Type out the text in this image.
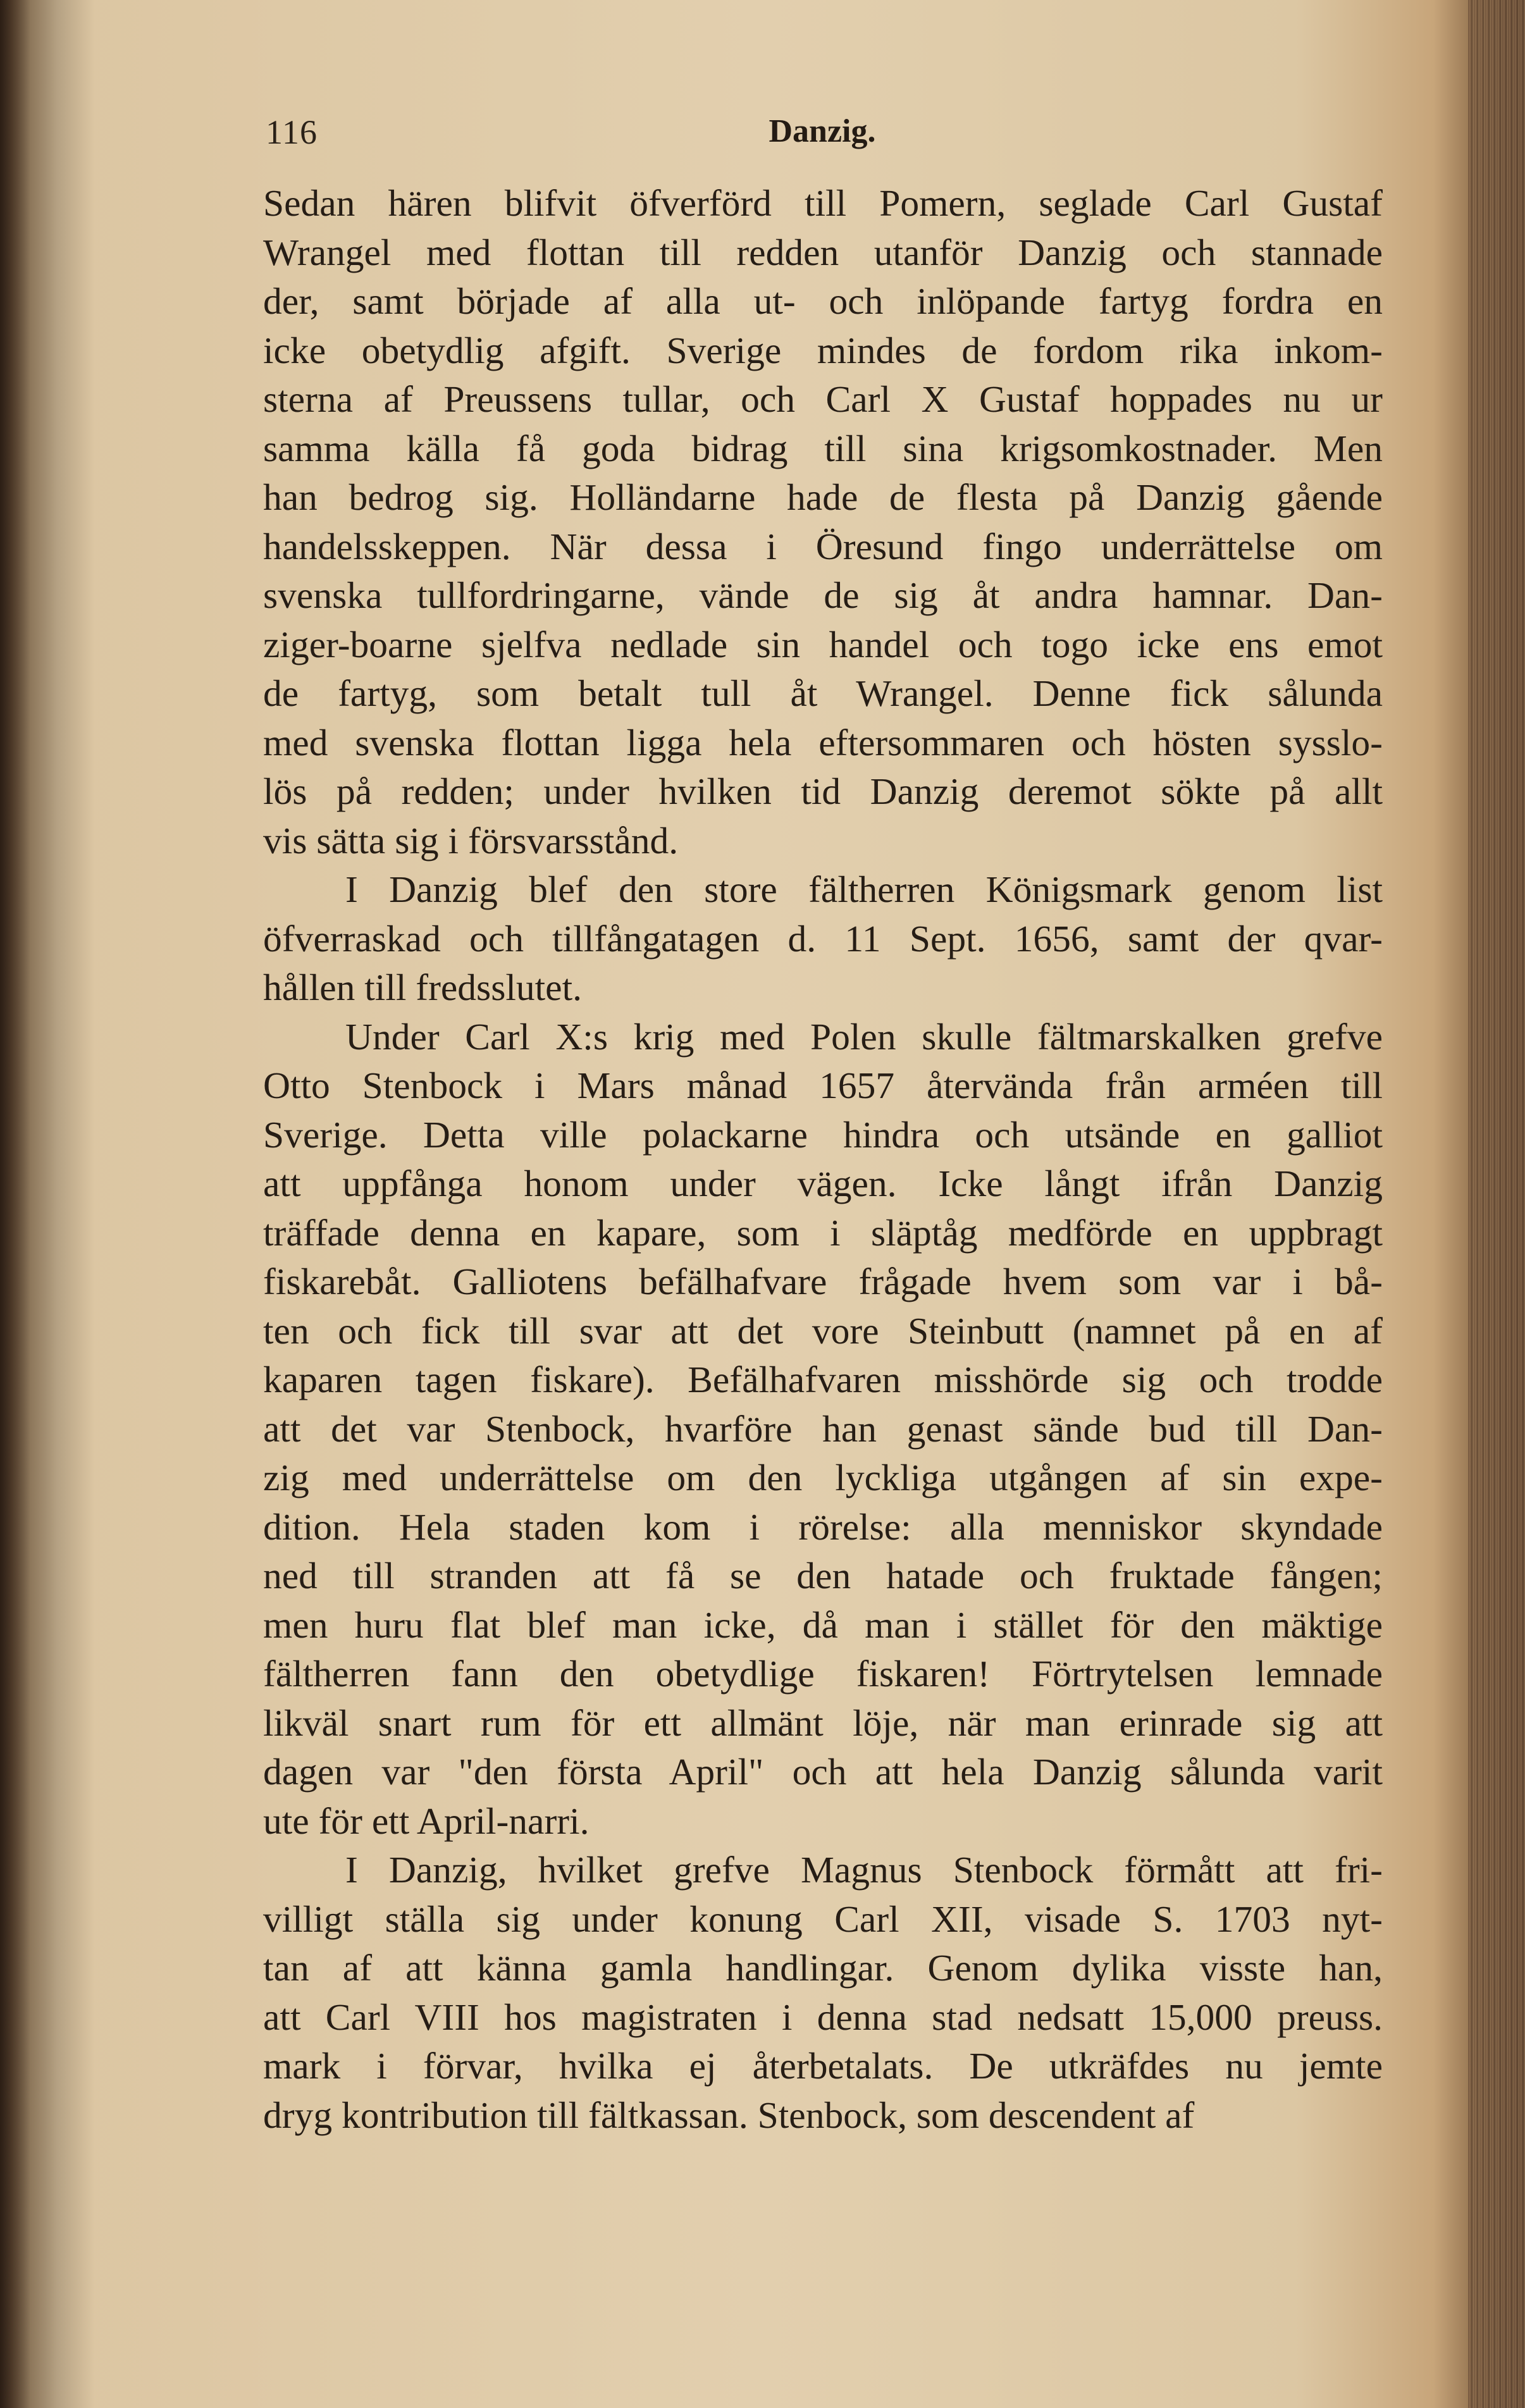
116	Danzig.
Sedan hären blifvit öfverförd till Pomern, seglade Carl Gustaf
Wrangel med flottan till redden utanför Danzig och stannade
der, samt började af alla ut- och inlöpande fartyg fordra en
icke obetydlig afgift. Sverige mindes de fordom rika inkom-
sterna af Preussens tullar, och Carl X Gustaf hoppades nu ur
samma källa få goda bidrag till sina krigsomkostnader. Men
han bedrog sig. Holländarne hade de flesta på Danzig gående
handelsskeppen. När dessa i Öresund fingo underrättelse om
svenska tullfordringarne, vände de sig åt andra hamnar. Dan-
ziger-boarne sjelfva nedlade sin handel och togo icke ens emot
de fartyg, som betalt tull åt Wrangel. Denne fick sålunda
med svenska flottan ligga hela eftersommaren och hösten sysslo-
lös på redden; under hvilken tid Danzig deremot sökte på allt
vis sätta sig i försvarsstånd.
I Danzig blef den store fältherren Königsmark genom list
öfverraskad och tillfångatagen d. 11 Sept. 1656, samt der qvar-
hållen till fredsslutet.
Under Carl X:s krig med Polen skulle fältmarskalken grefve
Otto Stenbock i Mars månad 1657 återvända från arméen till
Sverige. Detta ville polackarne hindra och utsände en galliot
att uppfånga honom under vägen. Icke långt ifrån Danzig
träffade denna en kapare, som i släptåg medförde en uppbragt
fiskarebåt. Galliotens befälhafvare frågade hvem som var i bå-
ten och fick till svar att det vore Steinbutt (namnet på en af
kaparen tagen fiskare). Befälhafvaren misshörde sig och trodde
att det var Stenbock, hvarföre han genast sände bud till Dan-
zig med underrättelse om den lyckliga utgången af sin expe-
dition. Hela staden kom i rörelse: alla menniskor skyndade
ned till stranden att få se den hatade och fruktade fången;
men huru flat blef man icke, då man i stället för den mäktige
fältherren fann den obetydlige fiskaren! Förtrytelsen lemnade
likväl snart rum för ett allmänt löje, när man erinrade sig att
dagen var "den första April" och att hela Danzig sålunda varit
ute för ett April-narri.
I Danzig, hvilket grefve Magnus Stenbock förmått att fri-
villigt ställa sig under konung Carl XII, visade S. 1703 nyt-
tan af att känna gamla handlingar. Genom dylika visste han,
att Carl VIII hos magistraten i denna stad nedsatt 15,000 preuss.
mark i förvar, hvilka ej återbetalats. De utkräfdes nu jemte
dryg kontribution till fältkassan. Stenbock, som descendent af
